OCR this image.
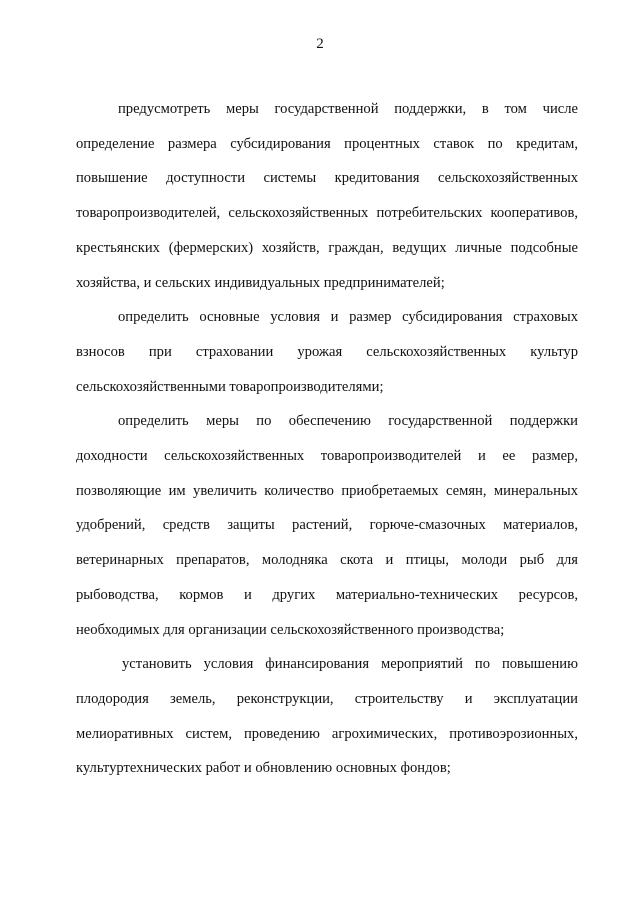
2

предусмотреть меры государственной поддержки, в том числе определение размера субсидирования процентных ставок по кредитам, повышение доступности системы кредитования сельскохозяйственных товаропроизводителей, сельскохозяйственных потребительских кооперативов, крестьянских (фермерских) хозяйств, граждан, ведущих личные подсобные хозяйства, и сельских индивидуальных предпринимателей;

определить основные условия и размер субсидирования страховых взносов при страховании урожая сельскохозяйственных культур сельскохозяйственными товаропроизводителями;

определить меры по обеспечению государственной поддержки доходности сельскохозяйственных товаропроизводителей и ее размер, позволяющие им увеличить количество приобретаемых семян, минеральных удобрений, средств защиты растений, горюче-смазочных материалов, ветеринарных препаратов, молодняка скота и птицы, молоди рыб для рыбоводства, кормов и других материально-технических ресурсов, необходимых для организации сельскохозяйственного производства;

установить условия финансирования мероприятий по повышению плодородия земель, реконструкции, строительству и эксплуатации мелиоративных систем, проведению агрохимических, противоэрозионных, культуртехнических работ и обновлению основных фондов;
